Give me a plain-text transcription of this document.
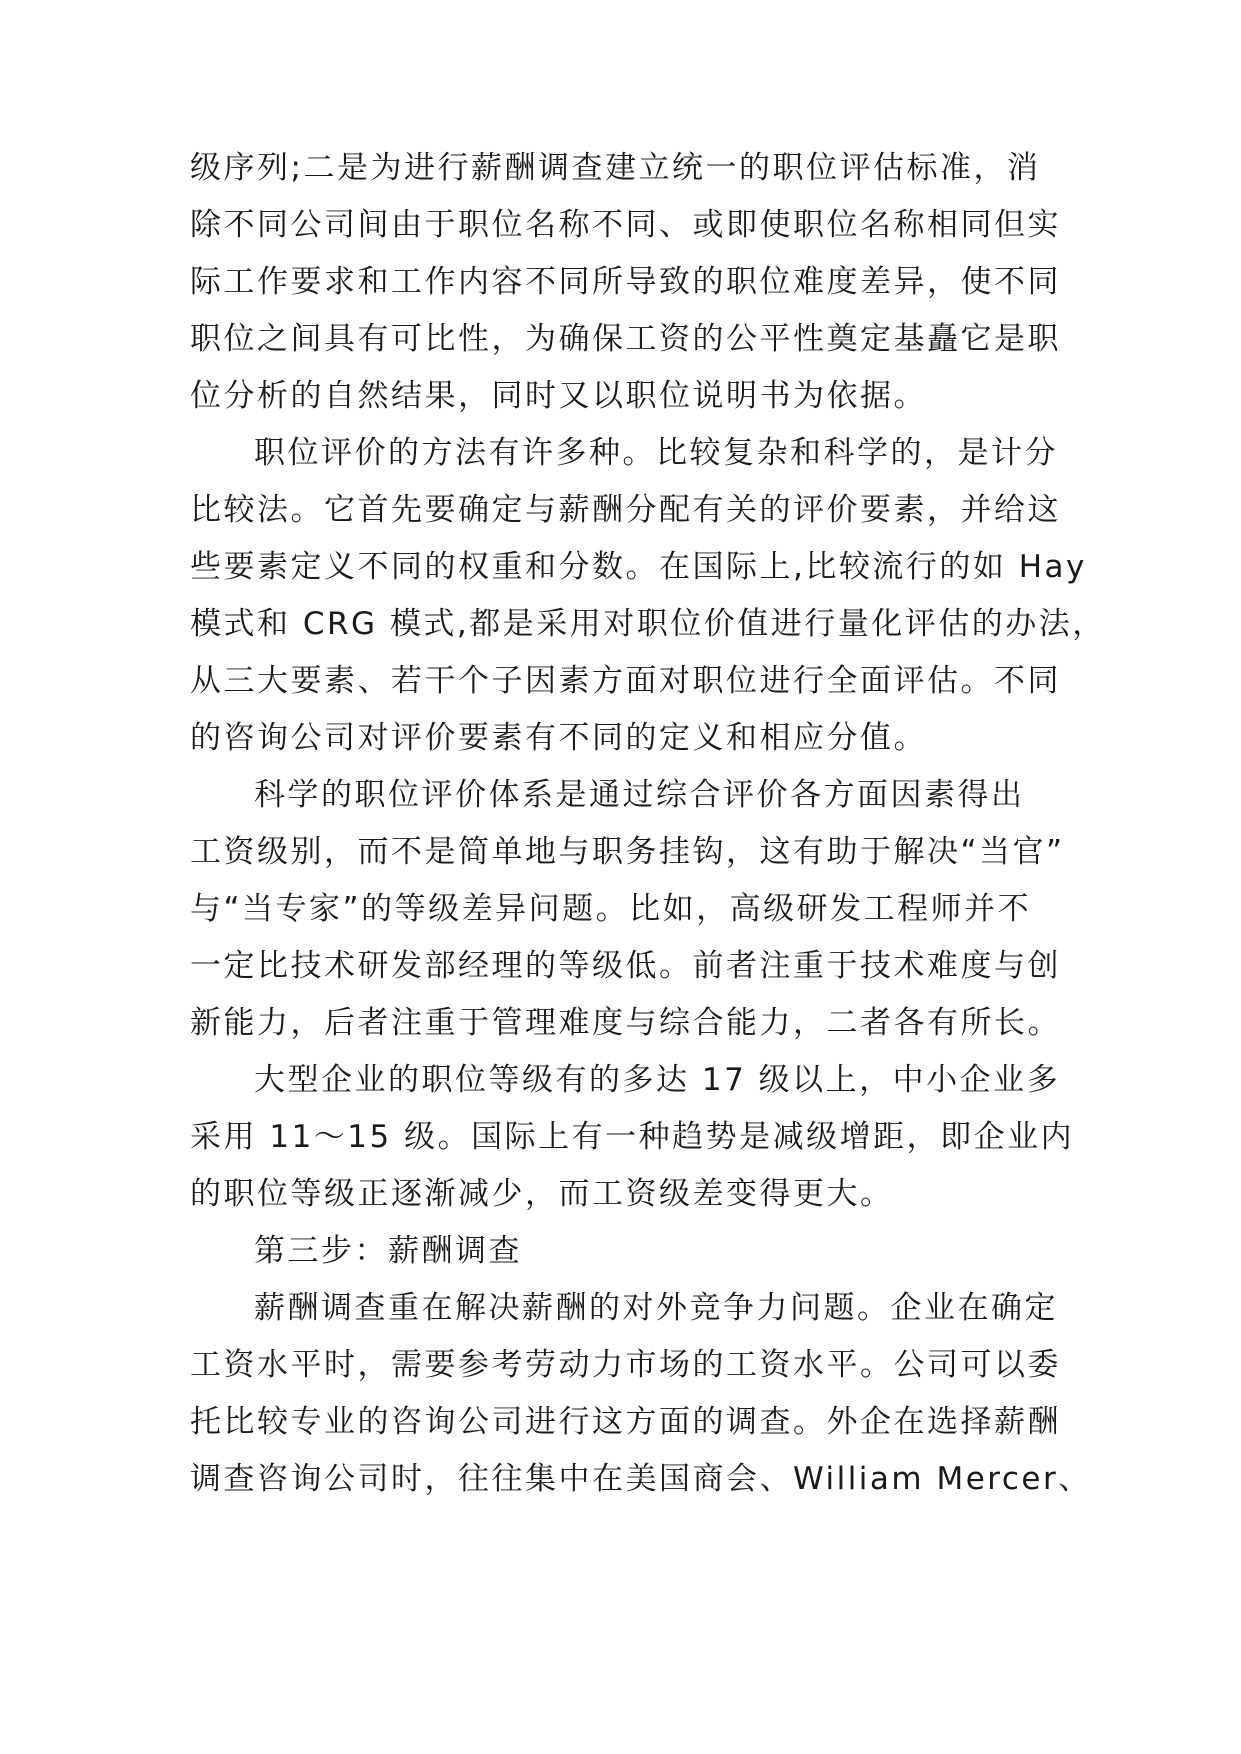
级序列;二是为进行薪酬调查建立统一的职位评估标准，消
除不同公司间由于职位名称不同、或即使职位名称相同但实
际工作要求和工作内容不同所导致的职位难度差异，使不同
职位之间具有可比性，为确保工资的公平性奠定基矗它是职
位分析的自然结果，同时又以职位说明书为依据。
职位评价的方法有许多种。比较复杂和科学的，是计分
比较法。它首先要确定与薪酬分配有关的评价要素，并给这
些要素定义不同的权重和分数。在国际上,比较流行的如 Hay
模式和 CRG 模式,都是采用对职位价值进行量化评估的办法，
从三大要素、若干个子因素方面对职位进行全面评估。不同
的咨询公司对评价要素有不同的定义和相应分值。
科学的职位评价体系是通过综合评价各方面因素得出
工资级别，而不是简单地与职务挂钩，这有助于解决“当官”
与“当专家”的等级差异问题。比如，高级研发工程师并不
一定比技术研发部经理的等级低。前者注重于技术难度与创
新能力，后者注重于管理难度与综合能力，二者各有所长。
大型企业的职位等级有的多达 17 级以上，中小企业多
采用 11～15 级。国际上有一种趋势是减级增距，即企业内
的职位等级正逐渐减少，而工资级差变得更大。
第三步：薪酬调查
薪酬调查重在解决薪酬的对外竞争力问题。企业在确定
工资水平时，需要参考劳动力市场的工资水平。公司可以委
托比较专业的咨询公司进行这方面的调查。外企在选择薪酬
调查咨询公司时，往往集中在美国商会、William Mercer、
